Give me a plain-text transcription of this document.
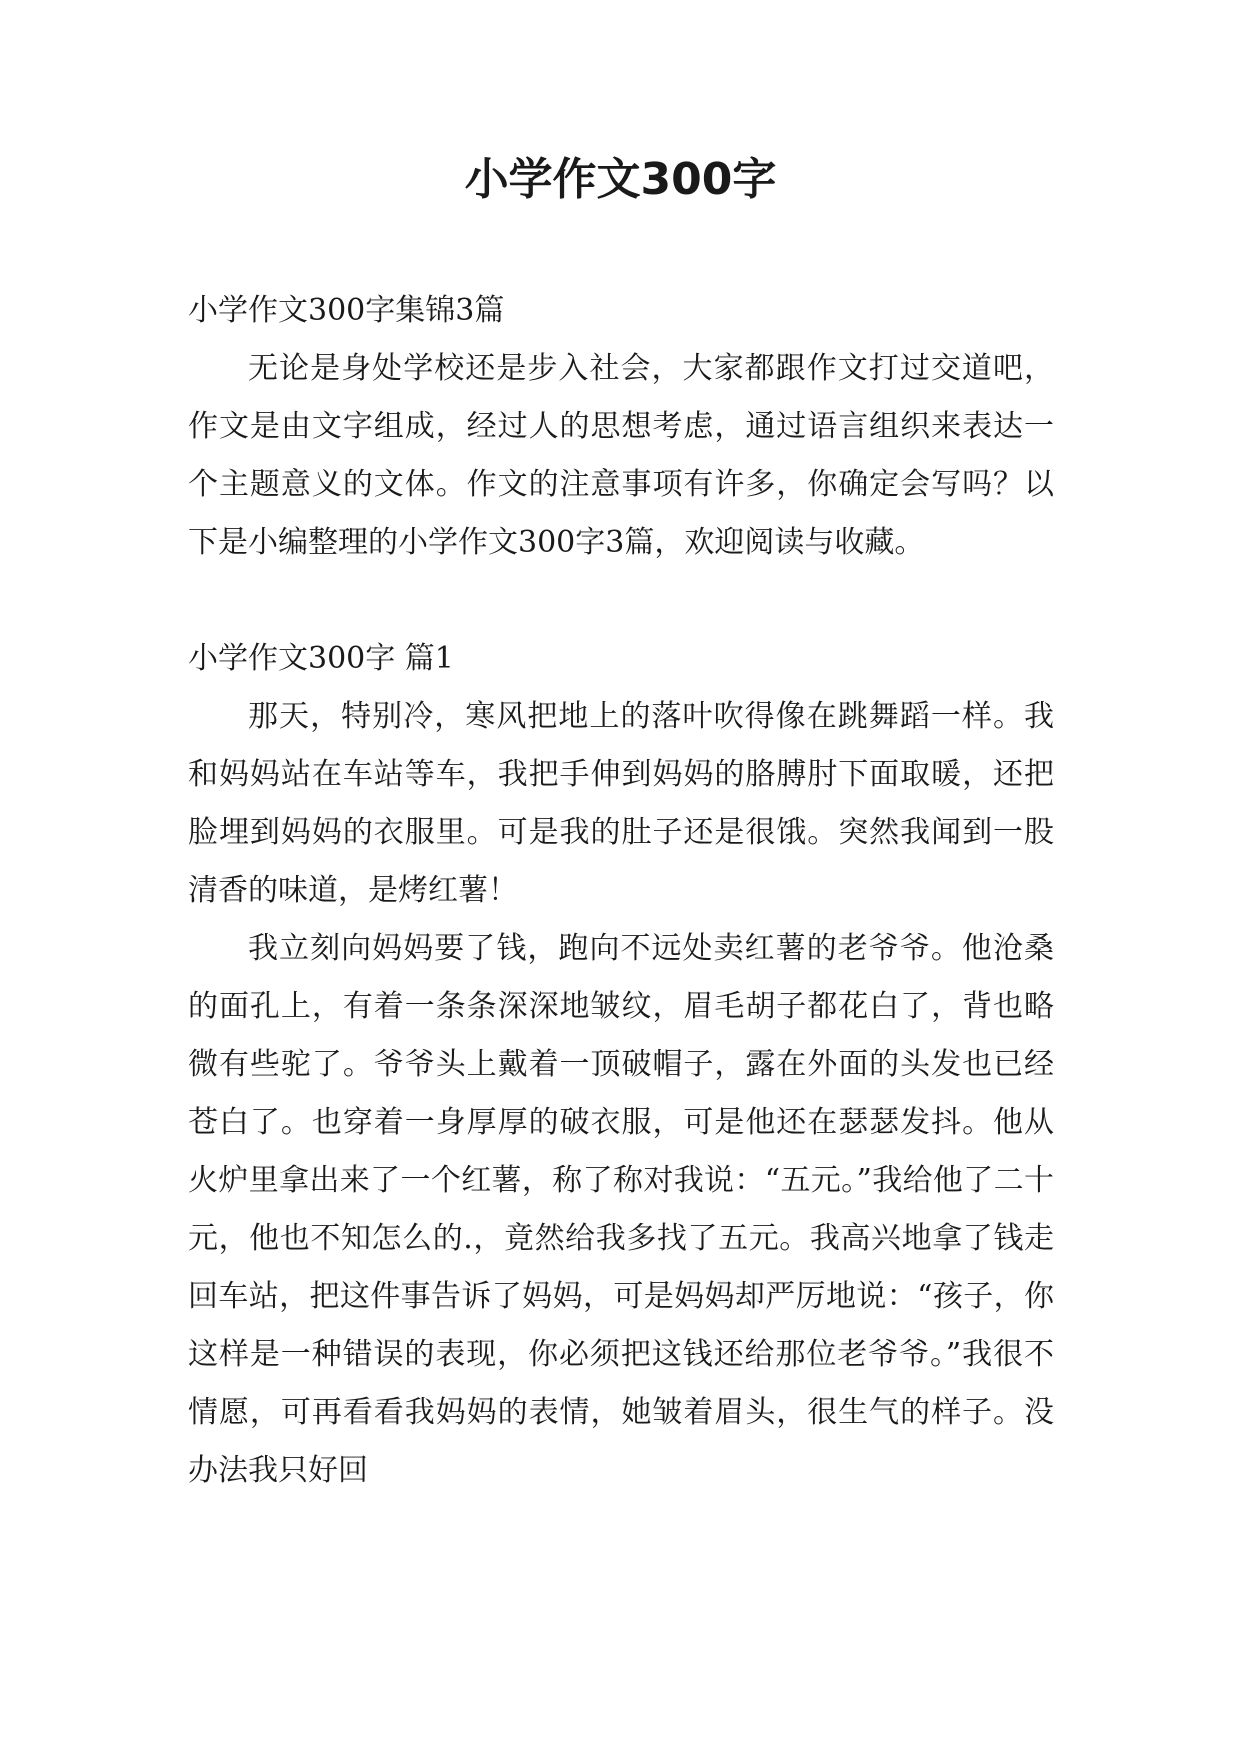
小学作文300字

小学作文300字集锦3篇

无论是身处学校还是步入社会，大家都跟作文打过交道吧，作文是由文字组成，经过人的思想考虑，通过语言组织来表达一个主题意义的文体。作文的注意事项有许多，你确定会写吗？以下是小编整理的小学作文300字3篇，欢迎阅读与收藏。

小学作文300字 篇1

那天，特别冷，寒风把地上的落叶吹得像在跳舞蹈一样。我和妈妈站在车站等车，我把手伸到妈妈的胳膊肘下面取暖，还把脸埋到妈妈的衣服里。可是我的肚子还是很饿。突然我闻到一股清香的味道，是烤红薯！

我立刻向妈妈要了钱，跑向不远处卖红薯的老爷爷。他沧桑的面孔上，有着一条条深深地皱纹，眉毛胡子都花白了，背也略微有些驼了。爷爷头上戴着一顶破帽子，露在外面的头发也已经苍白了。也穿着一身厚厚的破衣服，可是他还在瑟瑟发抖。他从火炉里拿出来了一个红薯，称了称对我说：“五元。”我给他了二十元，他也不知怎么的.，竟然给我多找了五元。我高兴地拿了钱走回车站，把这件事告诉了妈妈，可是妈妈却严厉地说：“孩子，你这样是一种错误的表现，你必须把这钱还给那位老爷爷。”我很不情愿，可再看看我妈妈的表情，她皱着眉头，很生气的样子。没办法我只好回
